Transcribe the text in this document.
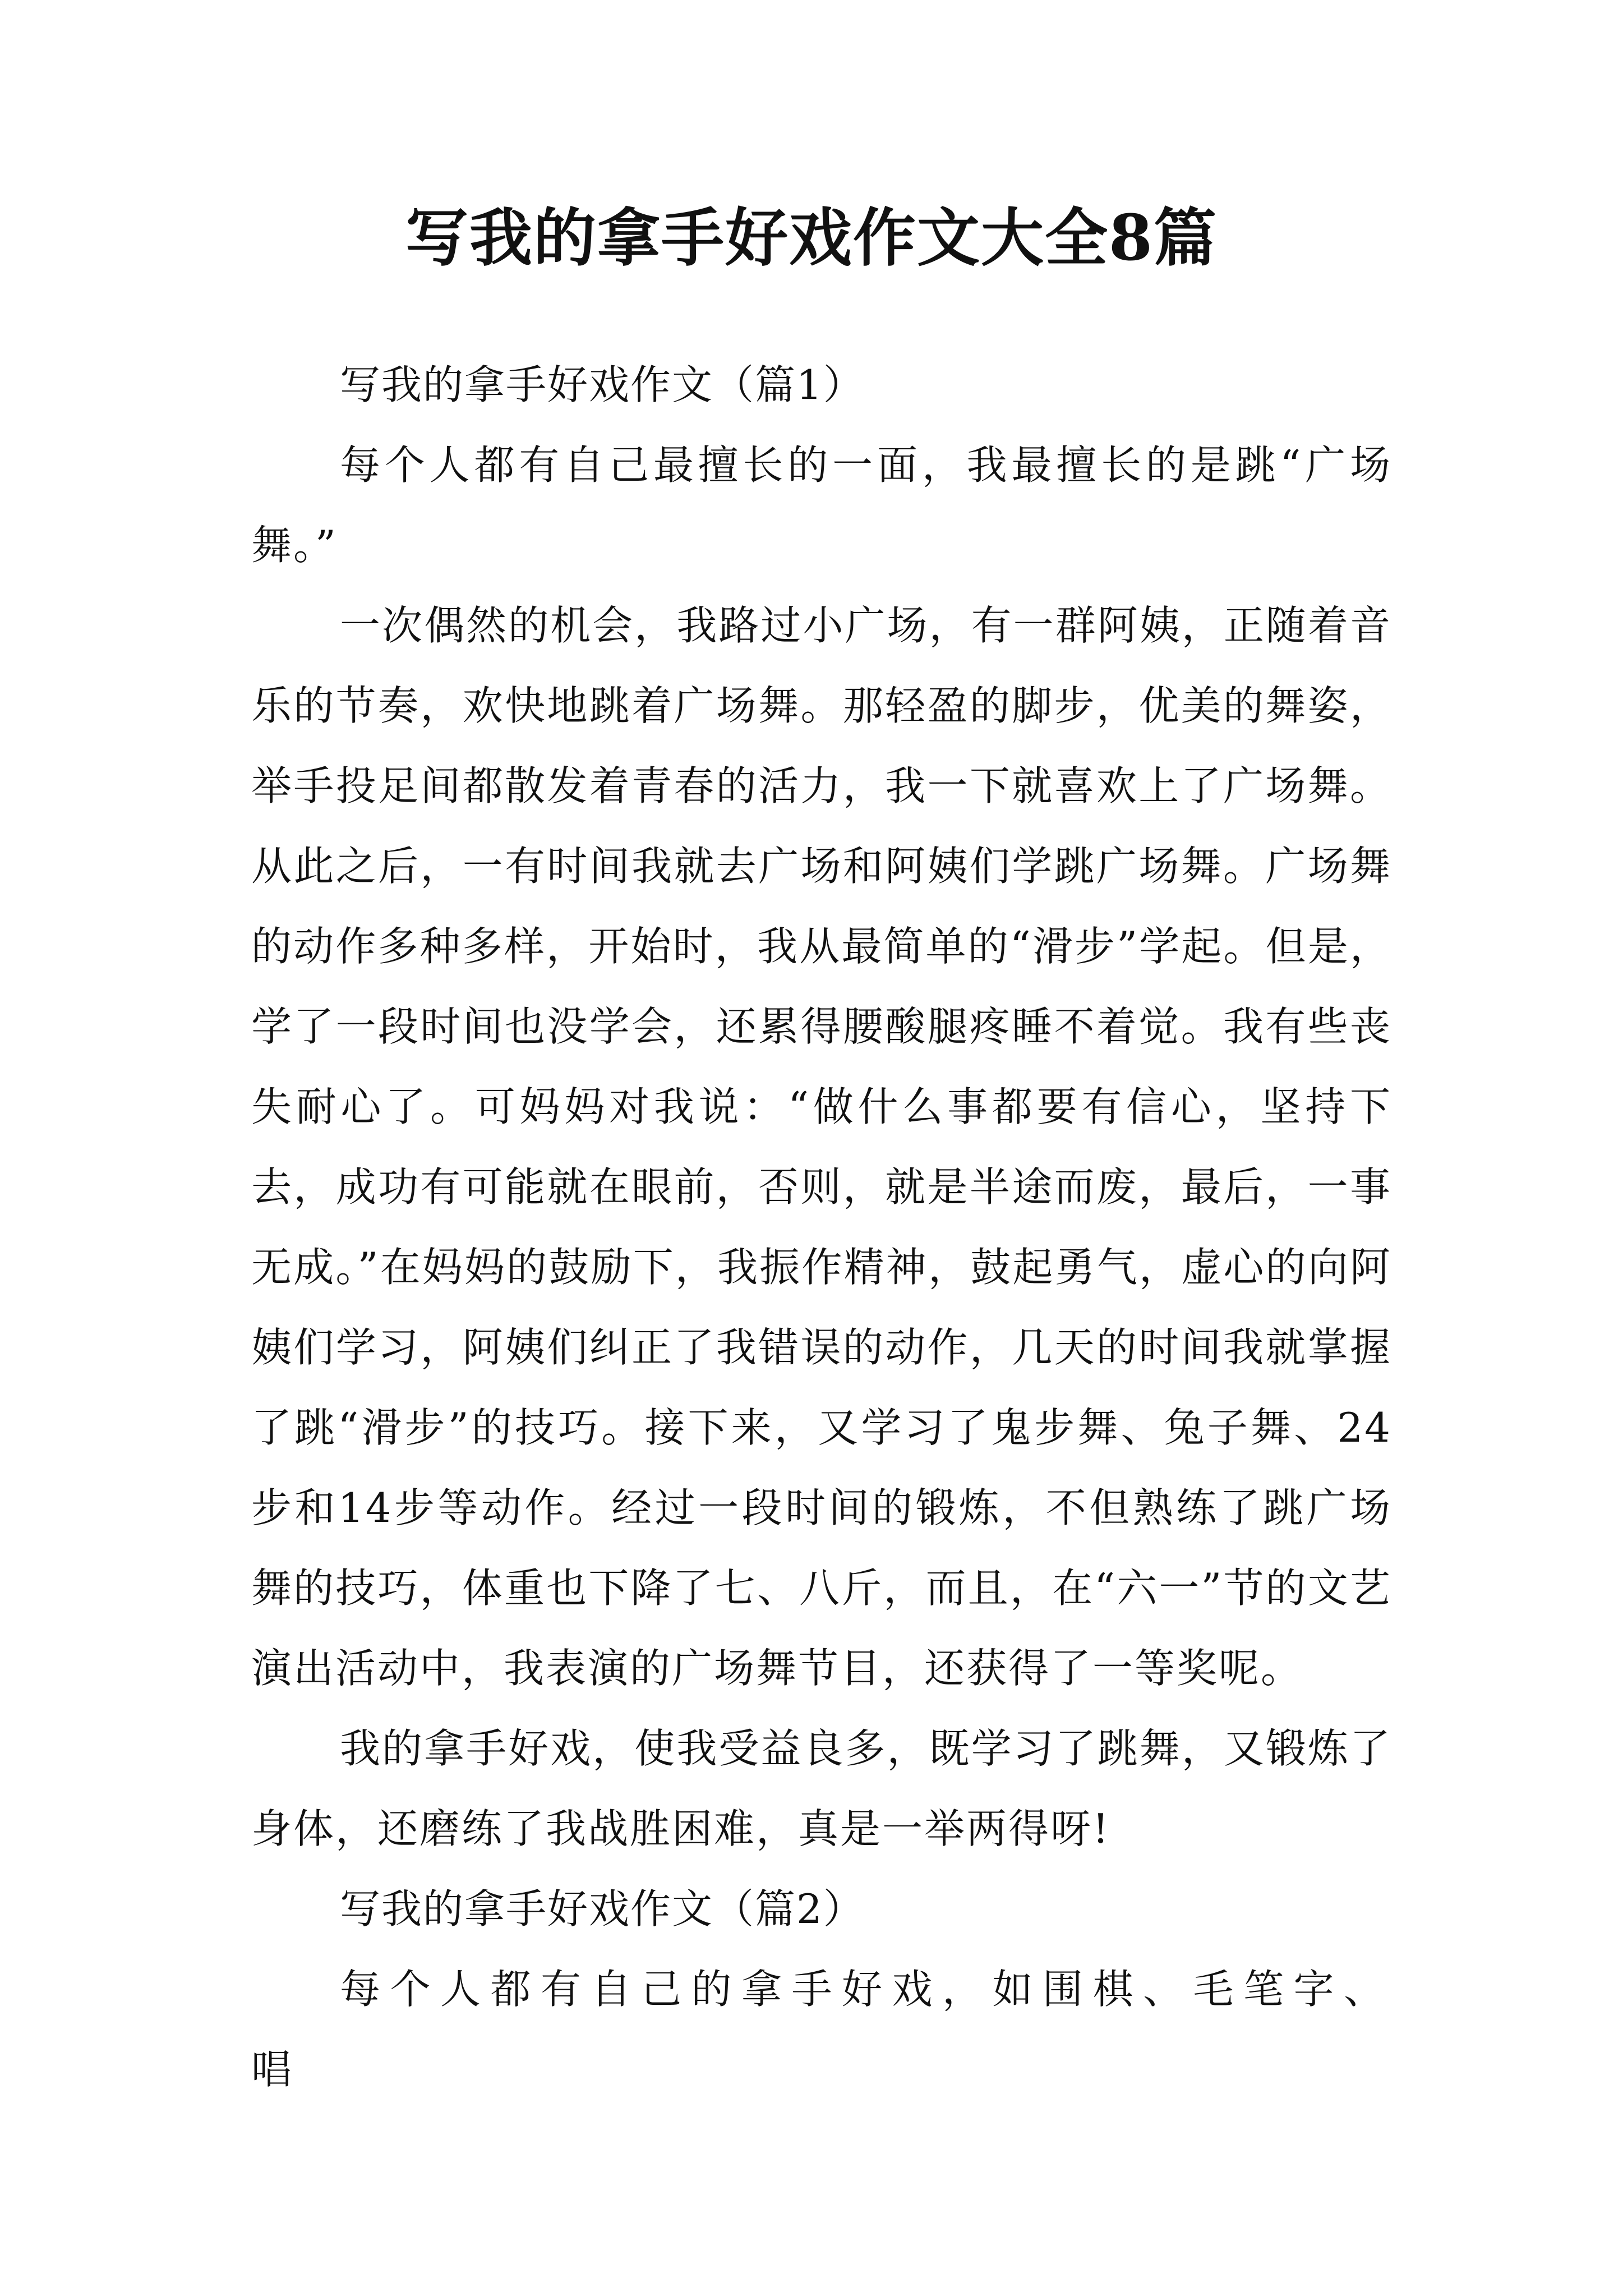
写我的拿手好戏作文大全8篇

写我的拿手好戏作文（篇1）

每个人都有自己最擅长的一面，我最擅长的是跳“广场舞。”

一次偶然的机会，我路过小广场，有一群阿姨，正随着音乐的节奏，欢快地跳着广场舞。那轻盈的脚步，优美的舞姿，举手投足间都散发着青春的活力，我一下就喜欢上了广场舞。从此之后，一有时间我就去广场和阿姨们学跳广场舞。广场舞的动作多种多样，开始时，我从最简单的“滑步”学起。但是，学了一段时间也没学会，还累得腰酸腿疼睡不着觉。我有些丧失耐心了。可妈妈对我说：“做什么事都要有信心，坚持下去，成功有可能就在眼前，否则，就是半途而废，最后，一事无成。”在妈妈的鼓励下，我振作精神，鼓起勇气，虚心的向阿姨们学习，阿姨们纠正了我错误的动作，几天的时间我就掌握了跳“滑步”的技巧。接下来，又学习了鬼步舞、兔子舞、24步和14步等动作。经过一段时间的锻炼，不但熟练了跳广场舞的技巧，体重也下降了七、八斤，而且，在“六一”节的文艺演出活动中，我表演的广场舞节目，还获得了一等奖呢。

我的拿手好戏，使我受益良多，既学习了跳舞，又锻炼了身体，还磨练了我战胜困难，真是一举两得呀!

写我的拿手好戏作文（篇2）

每个人都有自己的拿手好戏，如围棋、毛笔字、唱
